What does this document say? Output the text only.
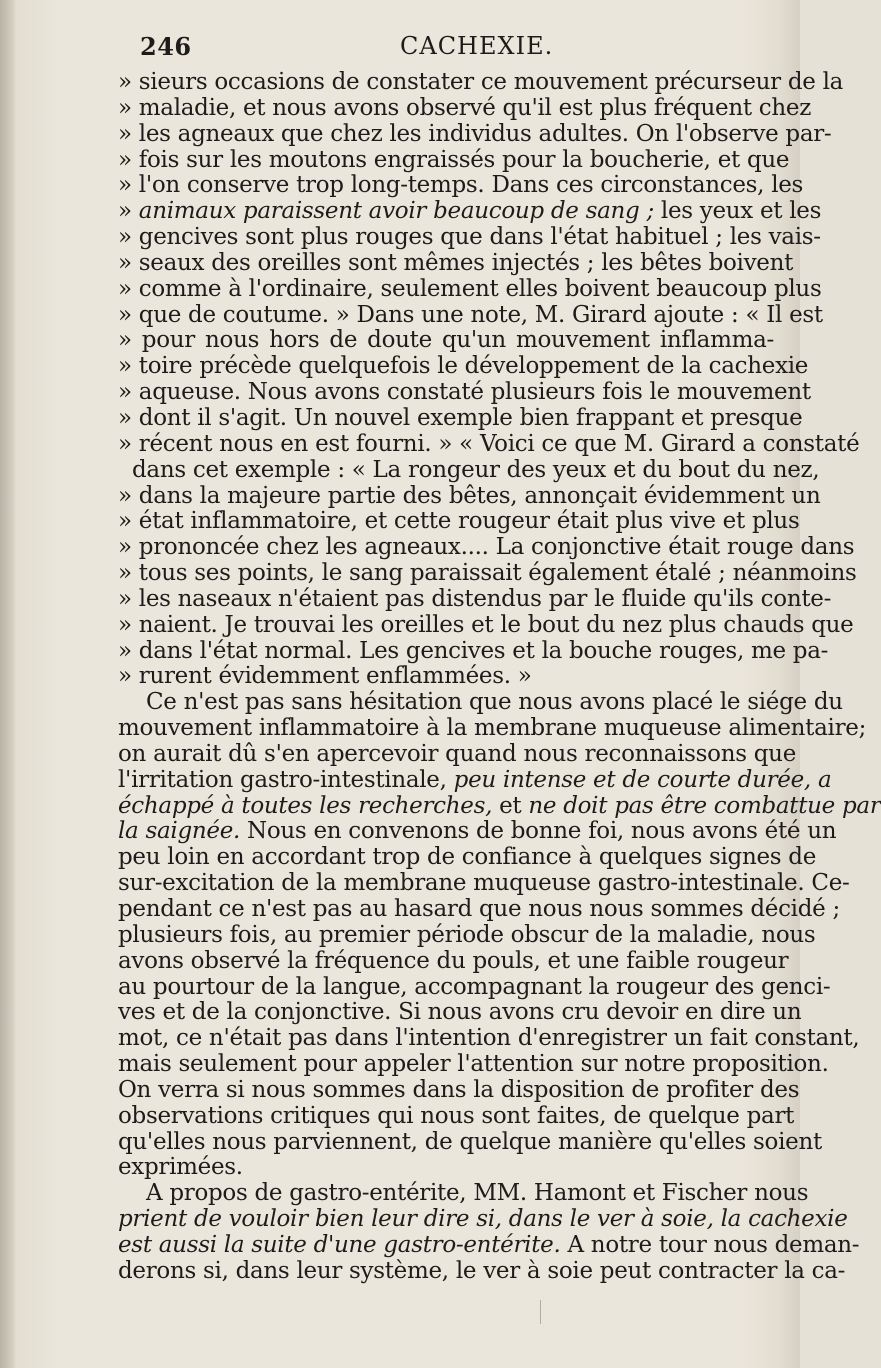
246	CACHEXIE.
» sieurs occasions de constater ce mouvement précurseur de la
» maladie, et nous avons observé qu'il est plus fréquent chez
» les agneaux que chez les individus adultes. On l'observe par-
» fois sur les moutons engraissés pour la boucherie, et que
» l'on conserve trop long-temps. Dans ces circonstances, les
» animaux paraissent avoir beaucoup de sang ; les yeux et les
» gencives sont plus rouges que dans l'état habituel ; les vais-
» seaux des oreilles sont mêmes injectés ; les bêtes boivent
» comme à l'ordinaire, seulement elles boivent beaucoup plus
» que de coutume. » Dans une note, M. Girard ajoute : « Il est
» pour nous hors de doute qu'un mouvement inflamma-
» toire précède quelquefois le développement de la cachexie
» aqueuse. Nous avons constaté plusieurs fois le mouvement
» dont il s'agit. Un nouvel exemple bien frappant et presque
» récent nous en est fourni. » « Voici ce que M. Girard a constaté
dans cet exemple : « La rongeur des yeux et du bout du nez,
» dans la majeure partie des bêtes, annonçait évidemment un
» état inflammatoire, et cette rougeur était plus vive et plus
» prononcée chez les agneaux.... La conjonctive était rouge dans
» tous ses points, le sang paraissait également étalé ; néanmoins
» les naseaux n'étaient pas distendus par le fluide qu'ils conte-
» naient. Je trouvai les oreilles et le bout du nez plus chauds que
» dans l'état normal. Les gencives et la bouche rouges, me pa-
» rurent évidemment enflammées. »
Ce n'est pas sans hésitation que nous avons placé le siége du
mouvement inflammatoire à la membrane muqueuse alimentaire;
on aurait dû s'en apercevoir quand nous reconnaissons que
l'irritation gastro-intestinale, peu intense et de courte durée, a
échappé à toutes les recherches, et ne doit pas être combattue par
la saignée. Nous en convenons de bonne foi, nous avons été un
peu loin en accordant trop de confiance à quelques signes de
sur-excitation de la membrane muqueuse gastro-intestinale. Ce-
pendant ce n'est pas au hasard que nous nous sommes décidé ;
plusieurs fois, au premier période obscur de la maladie, nous
avons observé la fréquence du pouls, et une faible rougeur
au pourtour de la langue, accompagnant la rougeur des genci-
ves et de la conjonctive. Si nous avons cru devoir en dire un
mot, ce n'était pas dans l'intention d'enregistrer un fait constant,
mais seulement pour appeler l'attention sur notre proposition.
On verra si nous sommes dans la disposition de profiter des
observations critiques qui nous sont faites, de quelque part
qu'elles nous parviennent, de quelque manière qu'elles soient
exprimées.
A propos de gastro-entérite, MM. Hamont et Fischer nous
prient de vouloir bien leur dire si, dans le ver à soie, la cachexie
est aussi la suite d'une gastro-entérite. A notre tour nous deman-
derons si, dans leur système, le ver à soie peut contracter la ca-
